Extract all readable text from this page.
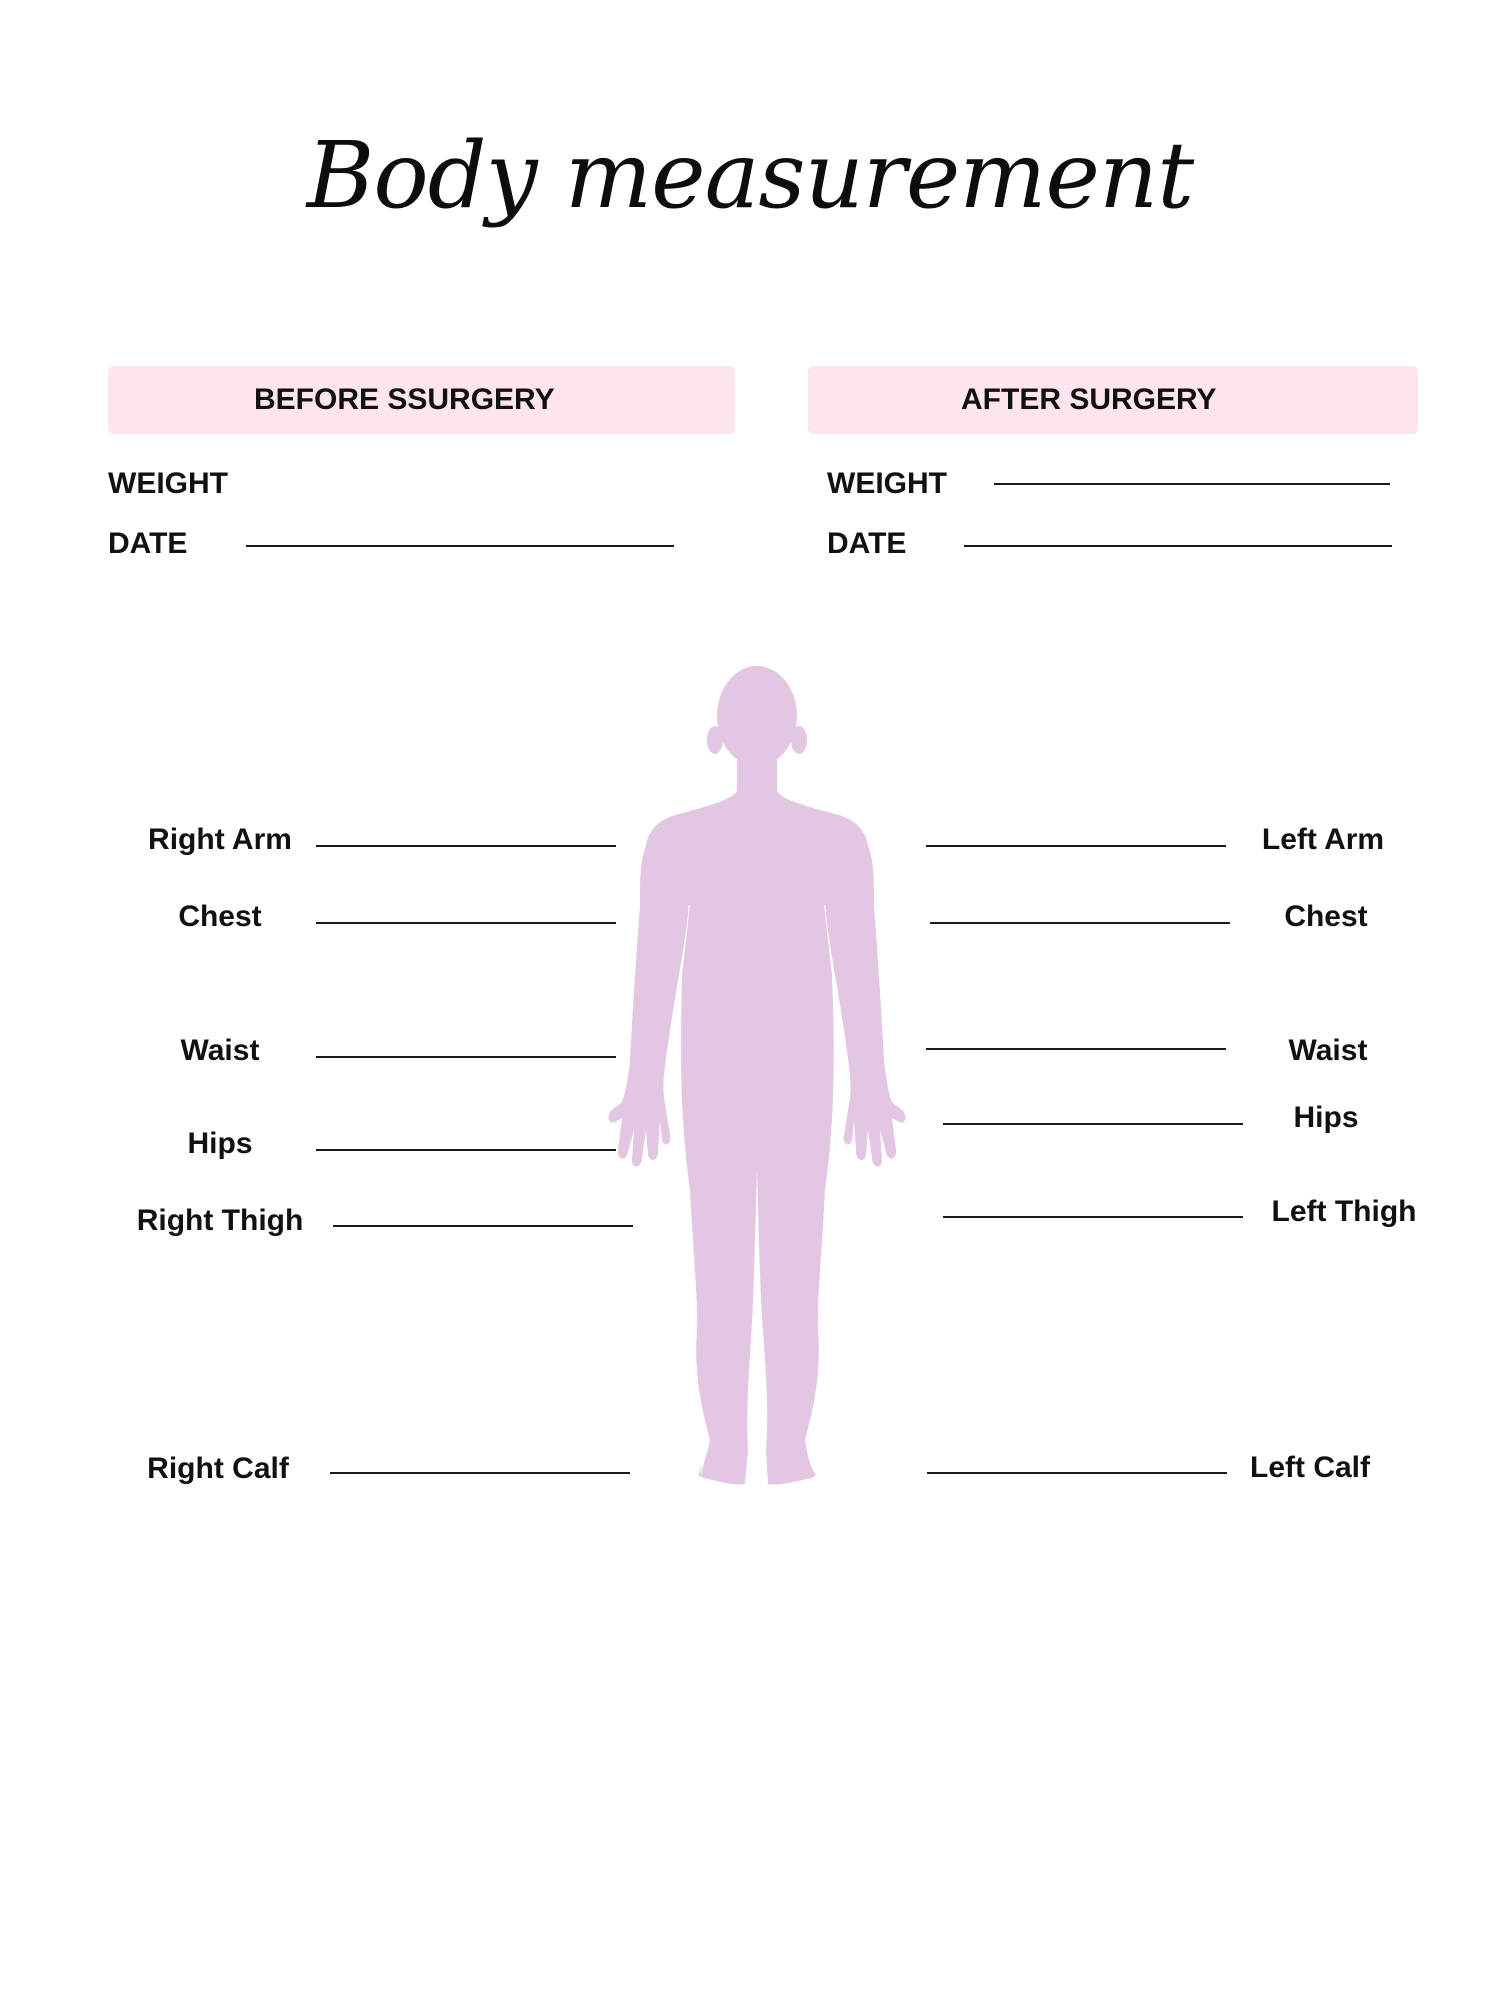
Body measurement
BEFORE SSURGERY
WEIGHT
DATE
AFTER SURGERY
WEIGHT
DATE
Right Arm
Chest
Waist
Hips
Right Thigh
Right Calf
Left Arm
Chest
Waist
Hips
Left Thigh
Left Calf
